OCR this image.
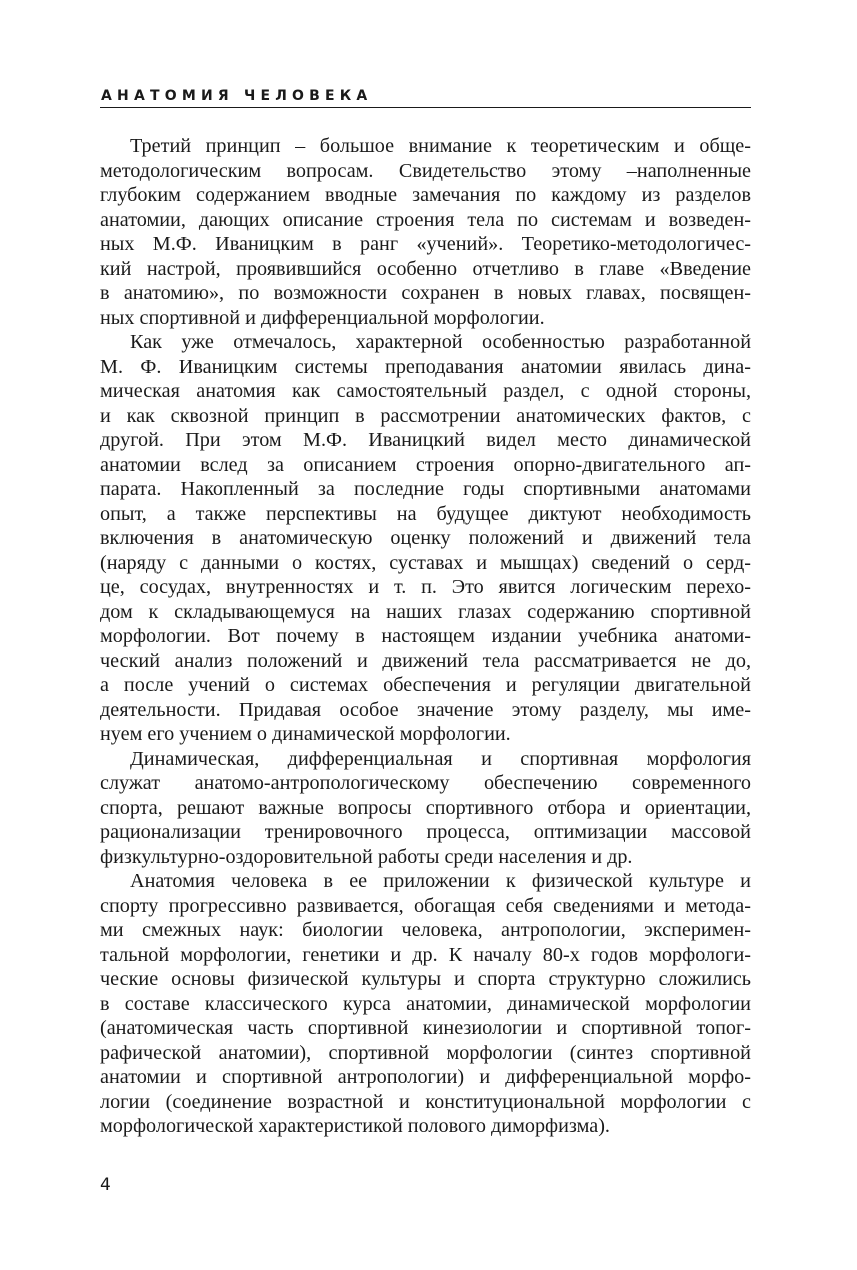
АНАТОМИЯ ЧЕЛОВЕКА
Третий принцип – большое внимание к теоретическим и обще-
методологическим вопросам. Свидетельство этому –наполненные
глубоким содержанием вводные замечания по каждому из разделов
анатомии, дающих описание строения тела по системам и возведен-
ных М.Ф. Иваницким в ранг «учений». Теоретико-методологичес-
кий настрой, проявившийся особенно отчетливо в главе «Введение
в анатомию», по возможности сохранен в новых главах, посвящен-
ных спортивной и дифференциальной морфологии.
Как уже отмечалось, характерной особенностью разработанной
М. Ф. Иваницким системы преподавания анатомии явилась дина-
мическая анатомия как самостоятельный раздел, с одной стороны,
и как сквозной принцип в рассмотрении анатомических фактов, с
другой. При этом М.Ф. Иваницкий видел место динамической
анатомии вслед за описанием строения опорно-двигательного ап-
парата. Накопленный за последние годы спортивными анатомами
опыт, а также перспективы на будущее диктуют необходимость
включения в анатомическую оценку положений и движений тела
(наряду с данными о костях, суставах и мышцах) сведений о серд-
це, сосудах, внутренностях и т. п. Это явится логическим перехо-
дом к складывающемуся на наших глазах содержанию спортивной
морфологии. Вот почему в настоящем издании учебника анатоми-
ческий анализ положений и движений тела рассматривается не до,
а после учений о системах обеспечения и регуляции двигательной
деятельности. Придавая особое значение этому разделу, мы име-
нуем его учением о динамической морфологии.
Динамическая, дифференциальная и спортивная морфология
служат анатомо-антропологическому обеспечению современного
спорта, решают важные вопросы спортивного отбора и ориентации,
рационализации тренировочного процесса, оптимизации массовой
физкультурно-оздоровительной работы среди населения и др.
Анатомия человека в ее приложении к физической культуре и
спорту прогрессивно развивается, обогащая себя сведениями и метода-
ми смежных наук: биологии человека, антропологии, эксперимен-
тальной морфологии, генетики и др. К началу 80-х годов морфологи-
ческие основы физической культуры и спорта структурно сложились
в составе классического курса анатомии, динамической морфологии
(анатомическая часть спортивной кинезиологии и спортивной топог-
рафической анатомии), спортивной морфологии (синтез спортивной
анатомии и спортивной антропологии) и дифференциальной морфо-
логии (соединение возрастной и конституциональной морфологии с
морфологической характеристикой полового диморфизма).

4
